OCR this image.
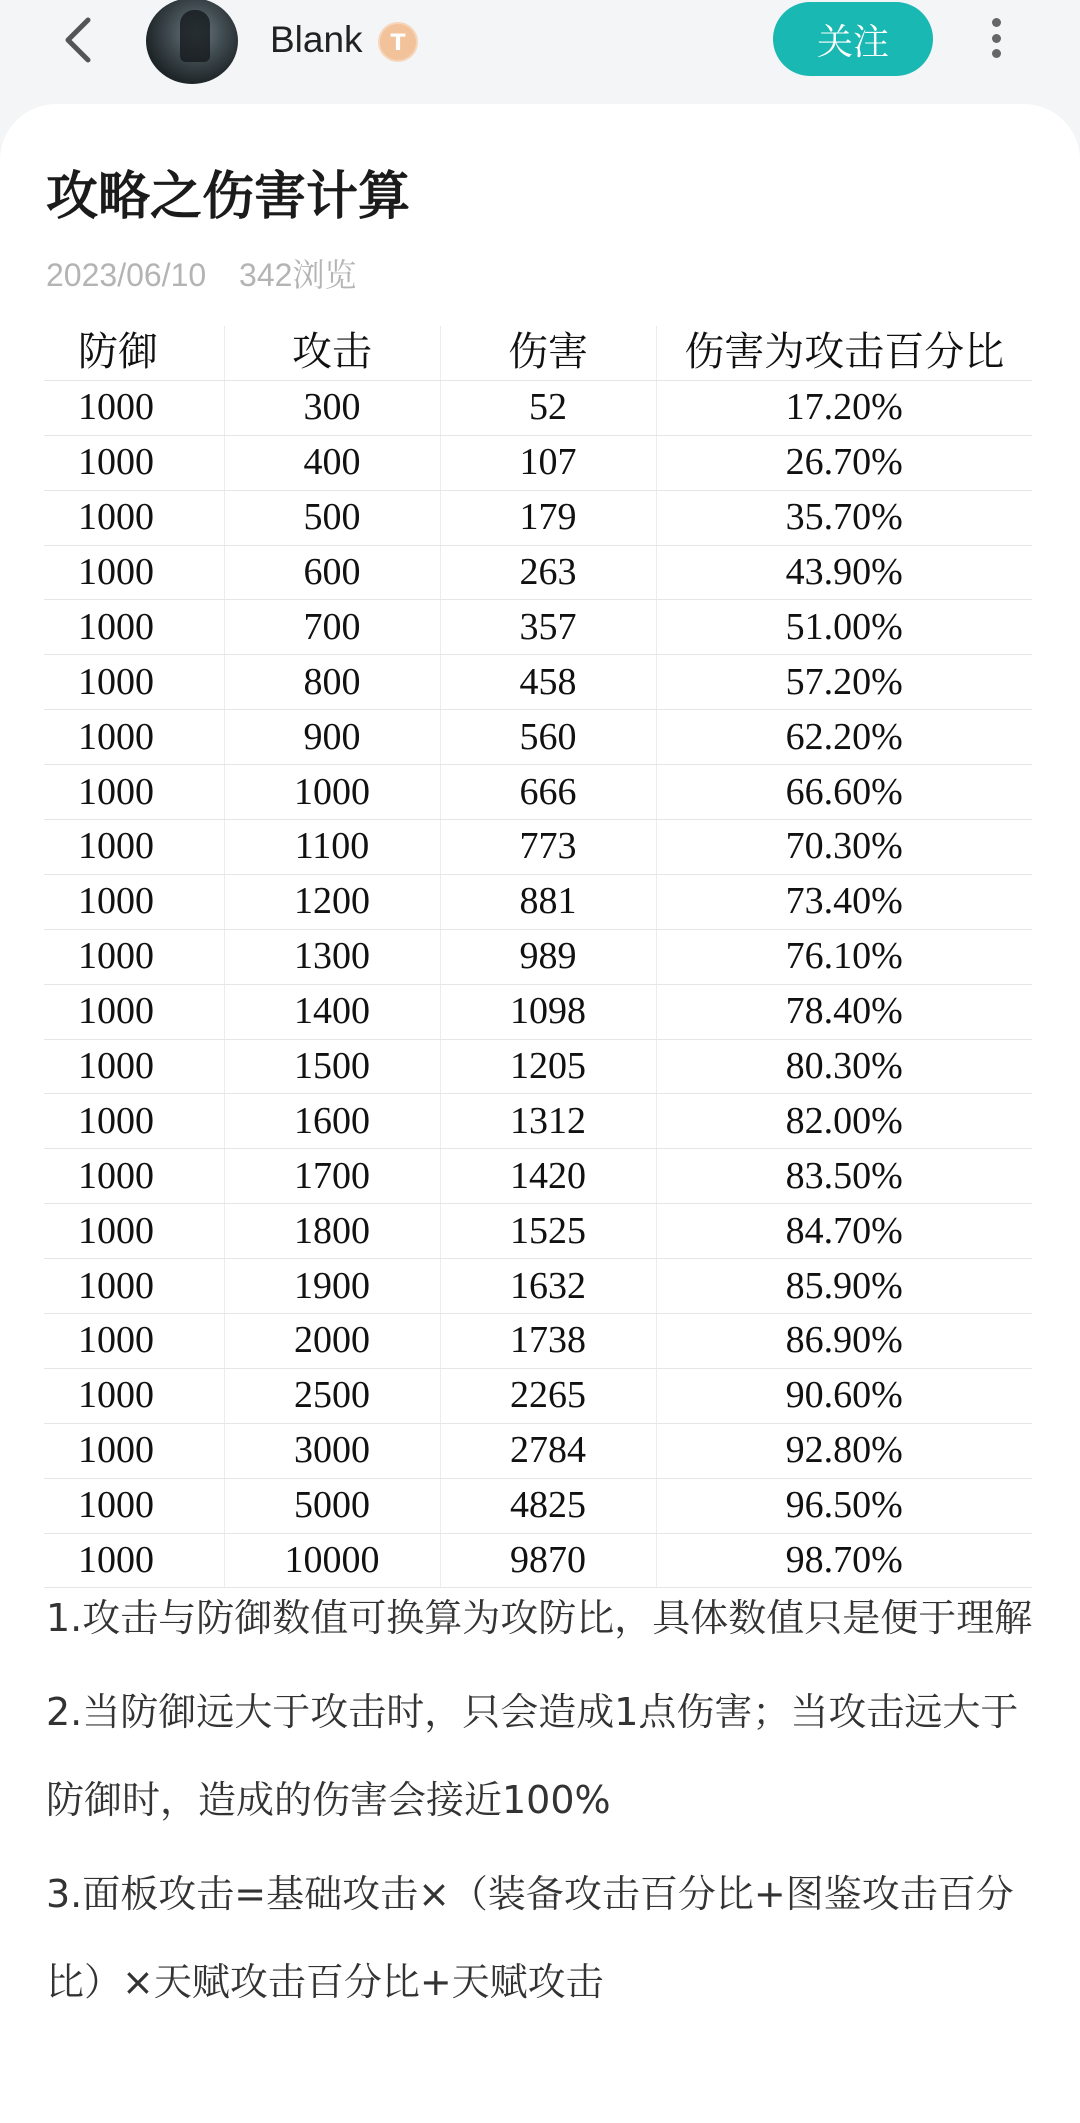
Blank	T	关注
攻略之伤害计算
2023/06/10 342浏览
防御	攻击	伤害	伤害为攻击百分比
1000	300	52	17.20%
1000	400	107	26.70%
1000	500	179	35.70%
1000	600	263	43.90%
1000	700	357	51.00%
1000	800	458	57.20%
1000	900	560	62.20%
1000	1000	666	66.60%
1000	1100	773	70.30%
1000	1200	881	73.40%
1000	1300	989	76.10%
1000	1400	1098	78.40%
1000	1500	1205	80.30%
1000	1600	1312	82.00%
1000	1700	1420	83.50%
1000	1800	1525	84.70%
1000	1900	1632	85.90%
1000	2000	1738	86.90%
1000	2500	2265	90.60%
1000	3000	2784	92.80%
1000	5000	4825	96.50%
1000	10000	9870	98.70%

1.攻击与防御数值可换算为攻防比，具体数值只是便于理解

2.当防御远大于攻击时，只会造成1点伤害；当攻击远大于防御时，造成的伤害会接近100%

3.面板攻击=基础攻击×（装备攻击百分比+图鉴攻击百分比）×天赋攻击百分比+天赋攻击
